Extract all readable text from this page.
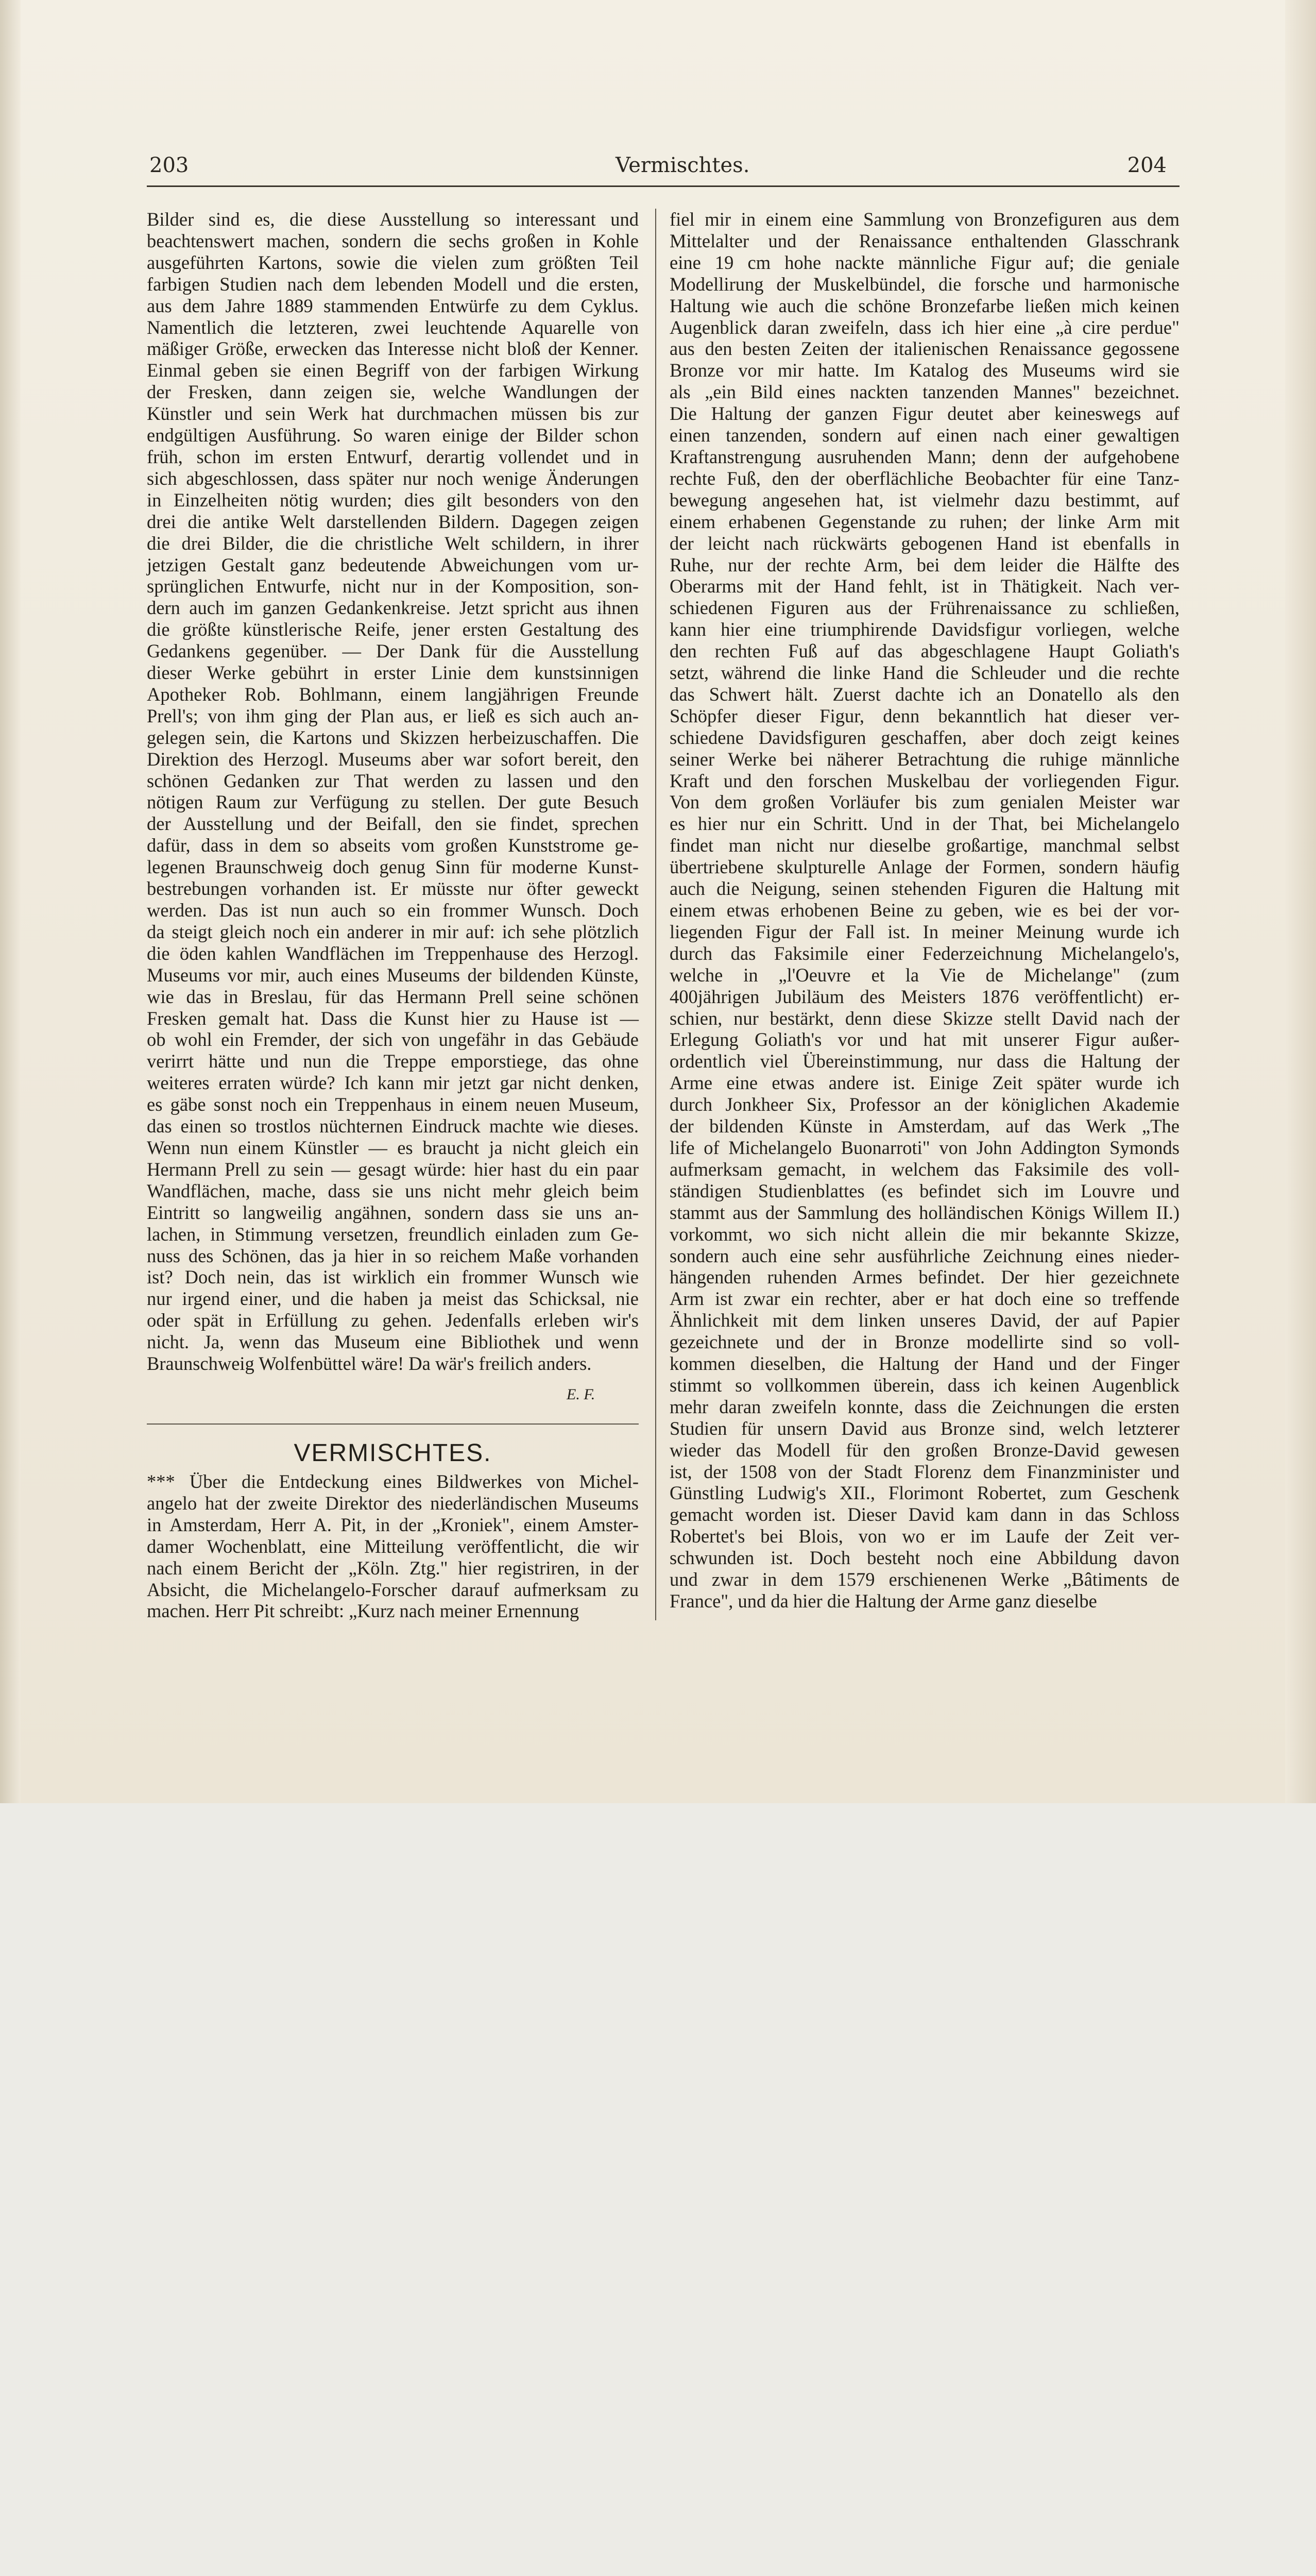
203	Vermischtes.	204
Bilder sind es, die diese Ausstellung so interessant und
beachtenswert machen, sondern die sechs großen in Kohle
ausgeführten Kartons, sowie die vielen zum größten Teil
farbigen Studien nach dem lebenden Modell und die ersten,
aus dem Jahre 1889 stammenden Entwürfe zu dem Cyklus.
Namentlich die letzteren, zwei leuchtende Aquarelle von
mäßiger Größe, erwecken das Interesse nicht bloß der Kenner.
Einmal geben sie einen Begriff von der farbigen Wirkung
der Fresken, dann zeigen sie, welche Wandlungen der
Künstler und sein Werk hat durchmachen müssen bis zur
endgültigen Ausführung. So waren einige der Bilder schon
früh, schon im ersten Entwurf, derartig vollendet und in
sich abgeschlossen, dass später nur noch wenige Änderungen
in Einzelheiten nötig wurden; dies gilt besonders von den
drei die antike Welt darstellenden Bildern. Dagegen zeigen
die drei Bilder, die die christliche Welt schildern, in ihrer
jetzigen Gestalt ganz bedeutende Abweichungen vom ur-
sprünglichen Entwurfe, nicht nur in der Komposition, son-
dern auch im ganzen Gedankenkreise. Jetzt spricht aus ihnen
die größte künstlerische Reife, jener ersten Gestaltung des
Gedankens gegenüber. — Der Dank für die Ausstellung
dieser Werke gebührt in erster Linie dem kunstsinnigen
Apotheker Rob. Bohlmann, einem langjährigen Freunde
Prell's; von ihm ging der Plan aus, er ließ es sich auch an-
gelegen sein, die Kartons und Skizzen herbeizuschaffen. Die
Direktion des Herzogl. Museums aber war sofort bereit, den
schönen Gedanken zur That werden zu lassen und den
nötigen Raum zur Verfügung zu stellen. Der gute Besuch
der Ausstellung und der Beifall, den sie findet, sprechen
dafür, dass in dem so abseits vom großen Kunststrome ge-
legenen Braunschweig doch genug Sinn für moderne Kunst-
bestrebungen vorhanden ist. Er müsste nur öfter geweckt
werden. Das ist nun auch so ein frommer Wunsch. Doch
da steigt gleich noch ein anderer in mir auf: ich sehe plötzlich
die öden kahlen Wandflächen im Treppenhause des Herzogl.
Museums vor mir, auch eines Museums der bildenden Künste,
wie das in Breslau, für das Hermann Prell seine schönen
Fresken gemalt hat. Dass die Kunst hier zu Hause ist —
ob wohl ein Fremder, der sich von ungefähr in das Gebäude
verirrt hätte und nun die Treppe emporstiege, das ohne
weiteres erraten würde? Ich kann mir jetzt gar nicht denken,
es gäbe sonst noch ein Treppenhaus in einem neuen Museum,
das einen so trostlos nüchternen Eindruck machte wie dieses.
Wenn nun einem Künstler — es braucht ja nicht gleich ein
Hermann Prell zu sein — gesagt würde: hier hast du ein paar
Wandflächen, mache, dass sie uns nicht mehr gleich beim
Eintritt so langweilig angähnen, sondern dass sie uns an-
lachen, in Stimmung versetzen, freundlich einladen zum Ge-
nuss des Schönen, das ja hier in so reichem Maße vorhanden
ist? Doch nein, das ist wirklich ein frommer Wunsch wie
nur irgend einer, und die haben ja meist das Schicksal, nie
oder spät in Erfüllung zu gehen. Jedenfalls erleben wir's
nicht. Ja, wenn das Museum eine Bibliothek und wenn
Braunschweig Wolfenbüttel wäre! Da wär's freilich anders.
E. F.
VERMISCHTES.
*** Über die Entdeckung eines Bildwerkes von Michel-
angelo hat der zweite Direktor des niederländischen Museums
in Amsterdam, Herr A. Pit, in der „Kroniek", einem Amster-
damer Wochenblatt, eine Mitteilung veröffentlicht, die wir
nach einem Bericht der „Köln. Ztg." hier registriren, in der
Absicht, die Michelangelo-Forscher darauf aufmerksam zu
machen. Herr Pit schreibt: „Kurz nach meiner Ernennung
fiel mir in einem eine Sammlung von Bronzefiguren aus dem
Mittelalter und der Renaissance enthaltenden Glasschrank
eine 19 cm hohe nackte männliche Figur auf; die geniale
Modellirung der Muskelbündel, die forsche und harmonische
Haltung wie auch die schöne Bronzefarbe ließen mich keinen
Augenblick daran zweifeln, dass ich hier eine „à cire perdue"
aus den besten Zeiten der italienischen Renaissance gegossene
Bronze vor mir hatte. Im Katalog des Museums wird sie
als „ein Bild eines nackten tanzenden Mannes" bezeichnet.
Die Haltung der ganzen Figur deutet aber keineswegs auf
einen tanzenden, sondern auf einen nach einer gewaltigen
Kraftanstrengung ausruhenden Mann; denn der aufgehobene
rechte Fuß, den der oberflächliche Beobachter für eine Tanz-
bewegung angesehen hat, ist vielmehr dazu bestimmt, auf
einem erhabenen Gegenstande zu ruhen; der linke Arm mit
der leicht nach rückwärts gebogenen Hand ist ebenfalls in
Ruhe, nur der rechte Arm, bei dem leider die Hälfte des
Oberarms mit der Hand fehlt, ist in Thätigkeit. Nach ver-
schiedenen Figuren aus der Frührenaissance zu schließen,
kann hier eine triumphirende Davidsfigur vorliegen, welche
den rechten Fuß auf das abgeschlagene Haupt Goliath's
setzt, während die linke Hand die Schleuder und die rechte
das Schwert hält. Zuerst dachte ich an Donatello als den
Schöpfer dieser Figur, denn bekanntlich hat dieser ver-
schiedene Davidsfiguren geschaffen, aber doch zeigt keines
seiner Werke bei näherer Betrachtung die ruhige männliche
Kraft und den forschen Muskelbau der vorliegenden Figur.
Von dem großen Vorläufer bis zum genialen Meister war
es hier nur ein Schritt. Und in der That, bei Michelangelo
findet man nicht nur dieselbe großartige, manchmal selbst
übertriebene skulpturelle Anlage der Formen, sondern häufig
auch die Neigung, seinen stehenden Figuren die Haltung mit
einem etwas erhobenen Beine zu geben, wie es bei der vor-
liegenden Figur der Fall ist. In meiner Meinung wurde ich
durch das Faksimile einer Federzeichnung Michelangelo's,
welche in „l'Oeuvre et la Vie de Michelange" (zum
400jährigen Jubiläum des Meisters 1876 veröffentlicht) er-
schien, nur bestärkt, denn diese Skizze stellt David nach der
Erlegung Goliath's vor und hat mit unserer Figur außer-
ordentlich viel Übereinstimmung, nur dass die Haltung der
Arme eine etwas andere ist. Einige Zeit später wurde ich
durch Jonkheer Six, Professor an der königlichen Akademie
der bildenden Künste in Amsterdam, auf das Werk „The
life of Michelangelo Buonarroti" von John Addington Symonds
aufmerksam gemacht, in welchem das Faksimile des voll-
ständigen Studienblattes (es befindet sich im Louvre und
stammt aus der Sammlung des holländischen Königs Willem II.)
vorkommt, wo sich nicht allein die mir bekannte Skizze,
sondern auch eine sehr ausführliche Zeichnung eines nieder-
hängenden ruhenden Armes befindet. Der hier gezeichnete
Arm ist zwar ein rechter, aber er hat doch eine so treffende
Ähnlichkeit mit dem linken unseres David, der auf Papier
gezeichnete und der in Bronze modellirte sind so voll-
kommen dieselben, die Haltung der Hand und der Finger
stimmt so vollkommen überein, dass ich keinen Augenblick
mehr daran zweifeln konnte, dass die Zeichnungen die ersten
Studien für unsern David aus Bronze sind, welch letzterer
wieder das Modell für den großen Bronze-David gewesen
ist, der 1508 von der Stadt Florenz dem Finanzminister und
Günstling Ludwig's XII., Florimont Robertet, zum Geschenk
gemacht worden ist. Dieser David kam dann in das Schloss
Robertet's bei Blois, von wo er im Laufe der Zeit ver-
schwunden ist. Doch besteht noch eine Abbildung davon
und zwar in dem 1579 erschienenen Werke „Bâtiments de
France", und da hier die Haltung der Arme ganz dieselbe
